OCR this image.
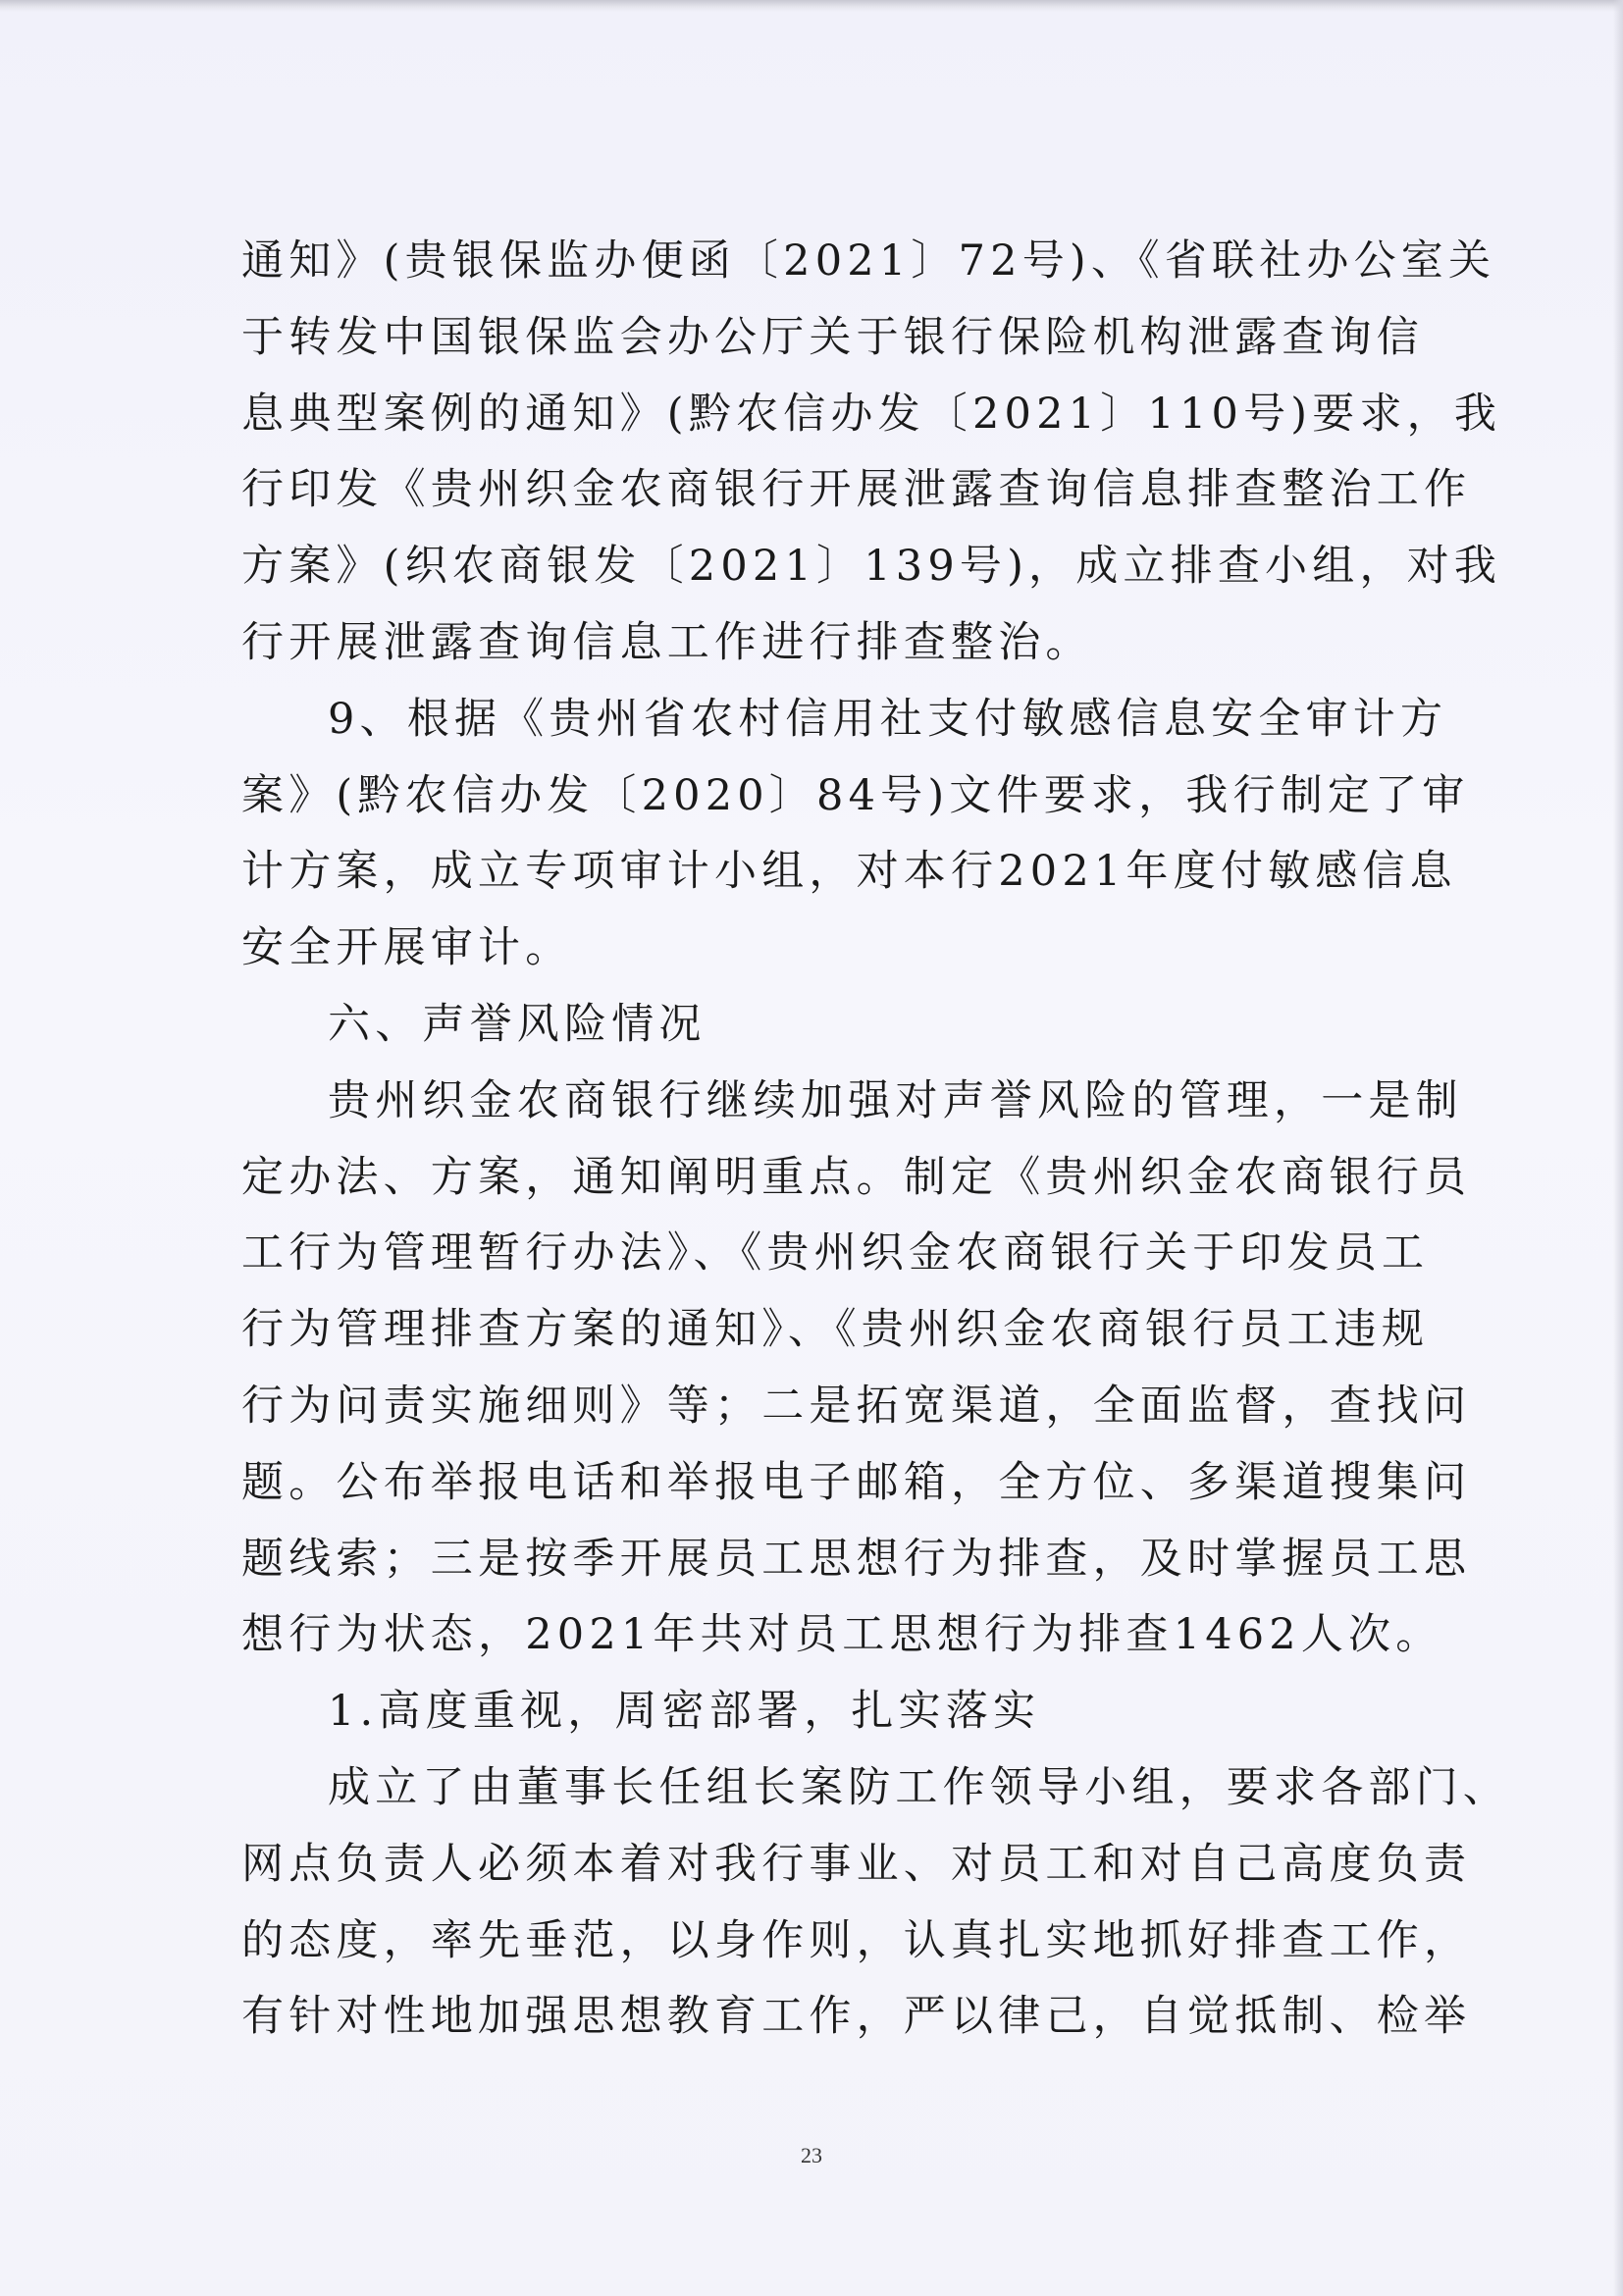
通知》(贵银保监办便函〔2021〕72号)、《省联社办公室关
于转发中国银保监会办公厅关于银行保险机构泄露查询信
息典型案例的通知》(黔农信办发〔2021〕110号)要求，我
行印发《贵州织金农商银行开展泄露查询信息排查整治工作
方案》(织农商银发〔2021〕139号)，成立排查小组，对我
行开展泄露查询信息工作进行排查整治。
9、根据《贵州省农村信用社支付敏感信息安全审计方
案》(黔农信办发〔2020〕84号)文件要求，我行制定了审
计方案，成立专项审计小组，对本行2021年度付敏感信息
安全开展审计。
六、声誉风险情况
贵州织金农商银行继续加强对声誉风险的管理，一是制
定办法、方案，通知阐明重点。制定《贵州织金农商银行员
工行为管理暂行办法》、《贵州织金农商银行关于印发员工
行为管理排查方案的通知》、《贵州织金农商银行员工违规
行为问责实施细则》等；二是拓宽渠道，全面监督，查找问
题。公布举报电话和举报电子邮箱，全方位、多渠道搜集问
题线索；三是按季开展员工思想行为排查，及时掌握员工思
想行为状态，2021年共对员工思想行为排查1462人次。
1.高度重视，周密部署，扎实落实
成立了由董事长任组长案防工作领导小组，要求各部门、
网点负责人必须本着对我行事业、对员工和对自己高度负责
的态度，率先垂范，以身作则，认真扎实地抓好排查工作，
有针对性地加强思想教育工作，严以律己，自觉抵制、检举
23
